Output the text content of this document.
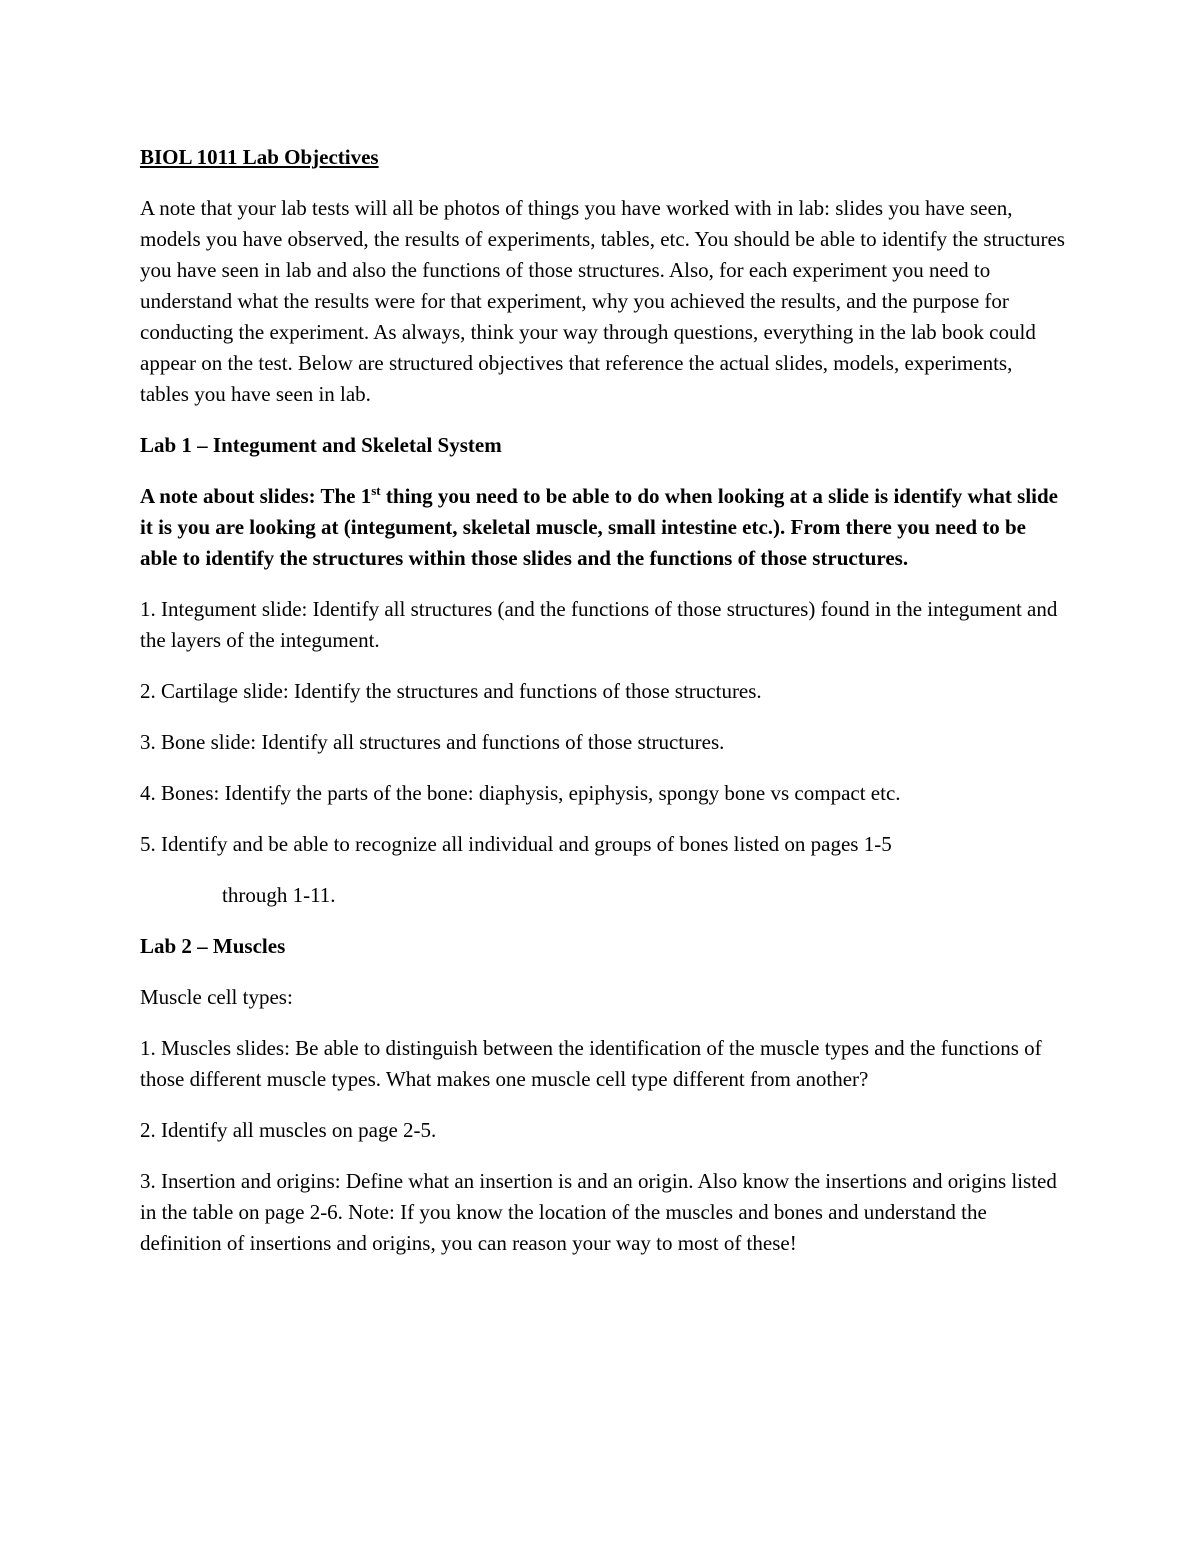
BIOL 1011 Lab Objectives

A note that your lab tests will all be photos of things you have worked with in lab: slides you have seen, models you have observed, the results of experiments, tables, etc. You should be able to identify the structures you have seen in lab and also the functions of those structures. Also, for each experiment you need to understand what the results were for that experiment, why you achieved the results, and the purpose for conducting the experiment. As always, think your way through questions, everything in the lab book could appear on the test. Below are structured objectives that reference the actual slides, models, experiments, tables you have seen in lab.

Lab 1 – Integument and Skeletal System

A note about slides: The 1st thing you need to be able to do when looking at a slide is identify what slide it is you are looking at (integument, skeletal muscle, small intestine etc.). From there you need to be able to identify the structures within those slides and the functions of those structures.

1. Integument slide: Identify all structures (and the functions of those structures) found in the integument and the layers of the integument.

2. Cartilage slide: Identify the structures and functions of those structures.

3. Bone slide: Identify all structures and functions of those structures.

4. Bones: Identify the parts of the bone: diaphysis, epiphysis, spongy bone vs compact etc.

5. Identify and be able to recognize all individual and groups of bones listed on pages 1-5

through 1-11.

Lab 2 – Muscles

Muscle cell types:

1. Muscles slides: Be able to distinguish between the identification of the muscle types and the functions of those different muscle types. What makes one muscle cell type different from another?

2. Identify all muscles on page 2-5.

3. Insertion and origins: Define what an insertion is and an origin. Also know the insertions and origins listed in the table on page 2-6. Note: If you know the location of the muscles and bones and understand the definition of insertions and origins, you can reason your way to most of these!
